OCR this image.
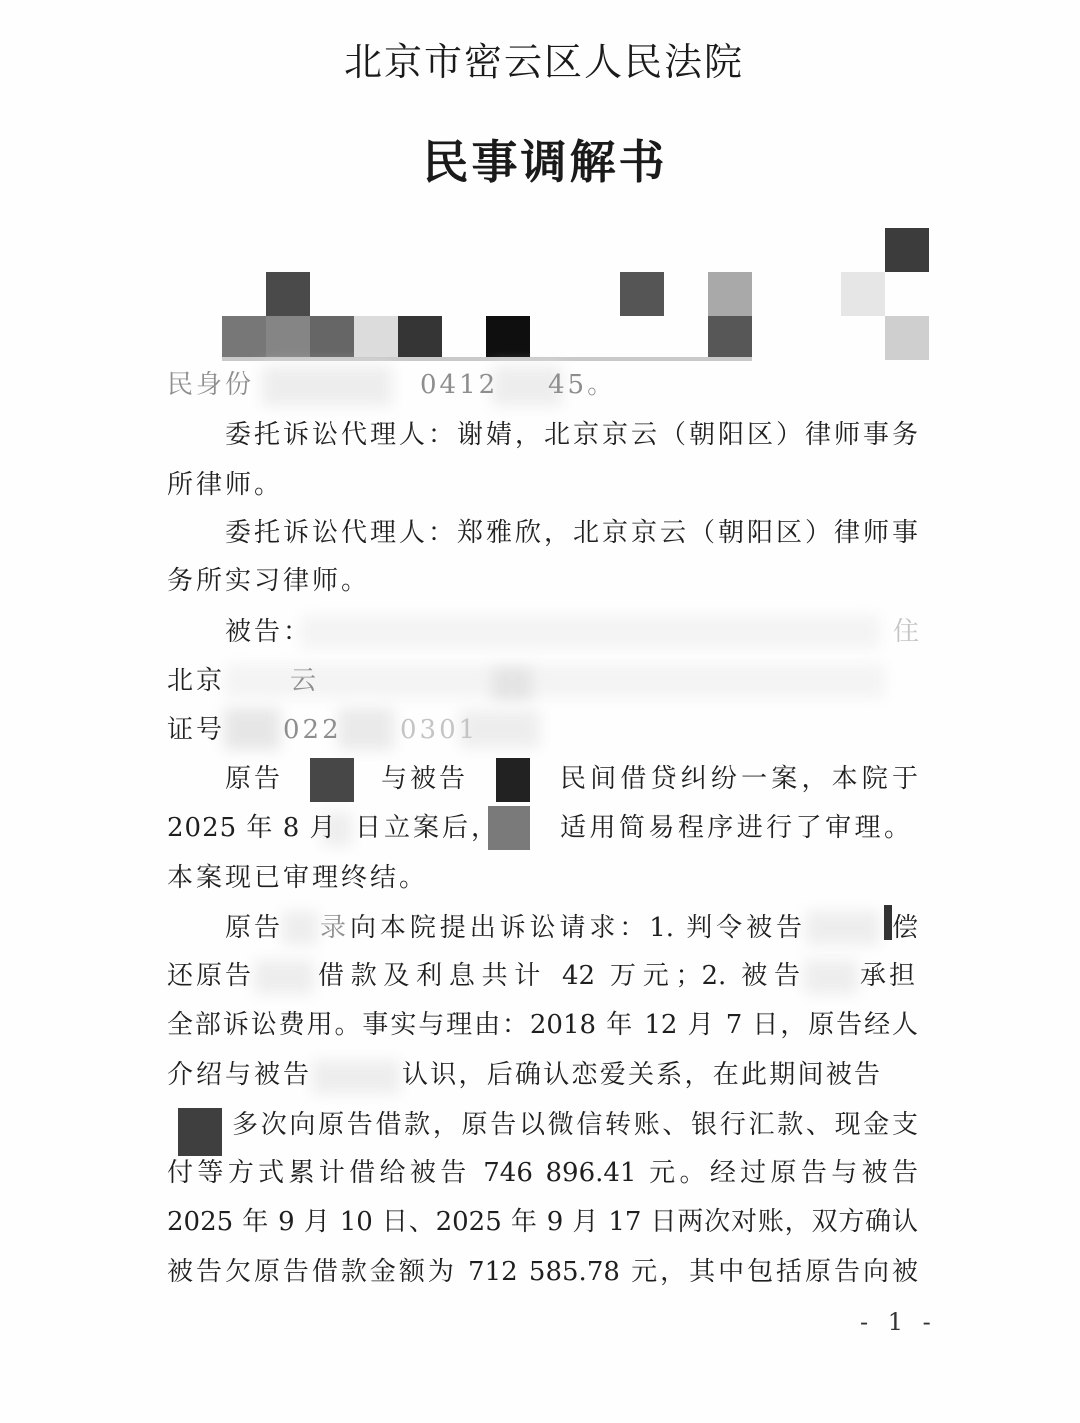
北京市密云区人民法院
民事调解书
民身份	0412 45。
委托诉讼代理人：谢婧，北京京云（朝阳区）律师事务
所律师。
委托诉讼代理人：郑雅欣，北京京云（朝阳区）律师事
务所实习律师。
被告：	住
北京 云
证号 022 0301
原告	与被告	民间借贷纠纷一案，本院于
2025 年 8 月 日立案后， 适用简易程序进行了审理。
本案现已审理终结。
原告 录 向本院提出诉讼请求：1. 判令被告	偿
还原告 借款及利息共计 42 万元；2. 被告 承担
全部诉讼费用。事实与理由：2018 年 12 月 7 日，原告经人
介绍与被告	认识，后确认恋爱关系，在此期间被告
多次向原告借款，原告以微信转账、银行汇款、现金支
付等方式累计借给被告 746 896.41 元。经过原告与被告
2025 年 9 月 10 日、2025 年 9 月 17 日两次对账，双方确认
被告欠原告借款金额为 712 585.78 元，其中包括原告向被
- 1 -
